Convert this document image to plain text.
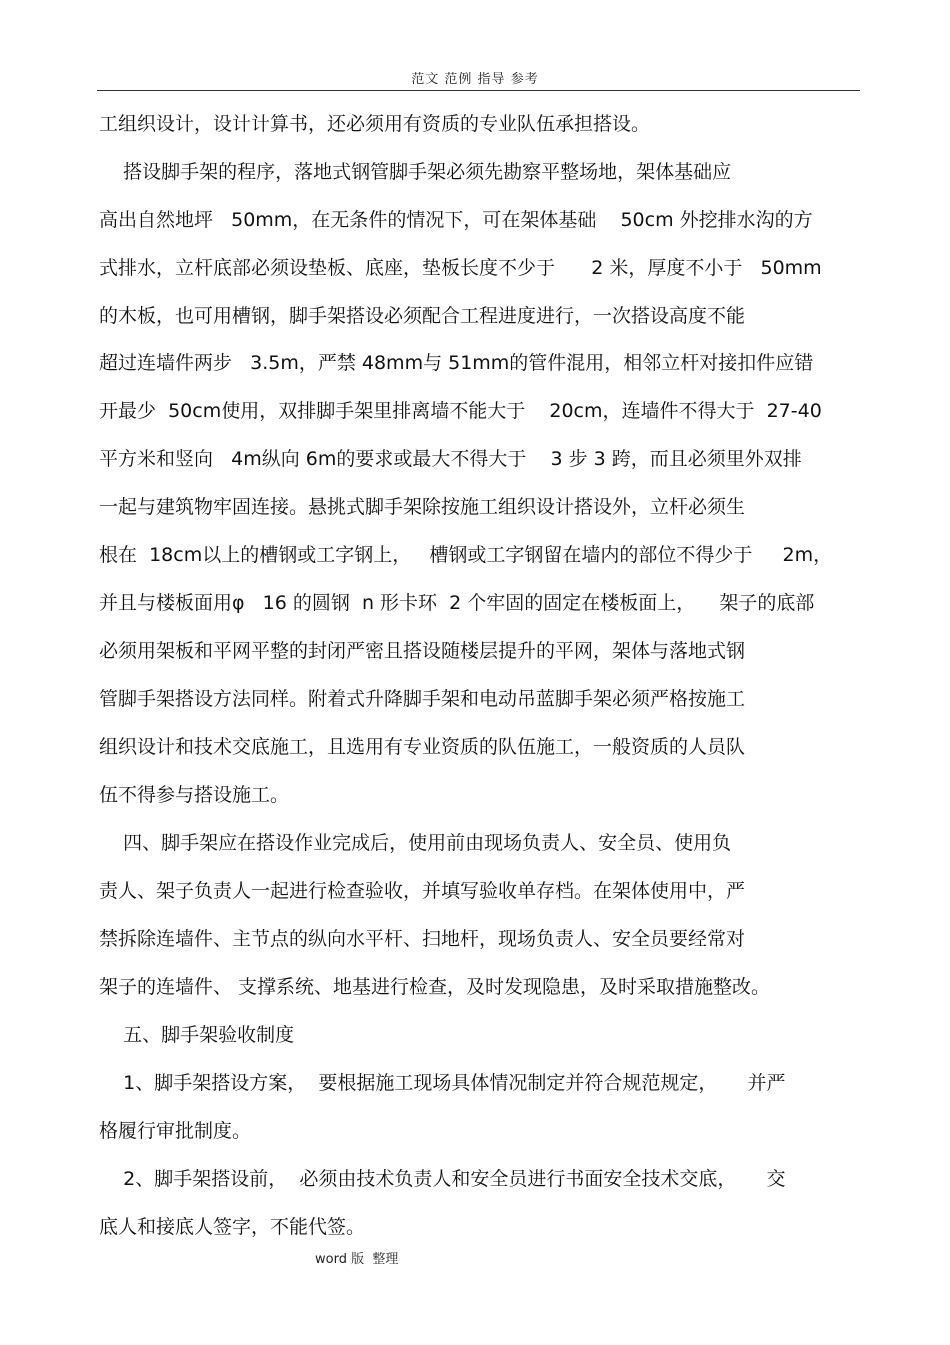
范文 范例 指导 参考
工组织设计，设计计算书，还必须用有资质的专业队伍承担搭设。
搭设脚手架的程序，落地式钢管脚手架必须先勘察平整场地，架体基础应
高出自然地坪   50mm，在无条件的情况下，可在架体基础    50cm 外挖排水沟的方
式排水，立杆底部必须设垫板、底座，垫板长度不少于      2 米，厚度不小于   50mm
的木板，也可用槽钢，脚手架搭设必须配合工程进度进行，一次搭设高度不能
超过连墙件两步   3.5m，严禁 48mm与 51mm的管件混用，相邻立杆对接扣件应错
开最少  50cm使用，双排脚手架里排离墙不能大于    20cm，连墙件不得大于  27-40
平方米和竖向   4m纵向 6m的要求或最大不得大于    3 步 3 跨，而且必须里外双排
一起与建筑物牢固连接。悬挑式脚手架除按施工组织设计搭设外，立杆必须生
根在  18cm以上的槽钢或工字钢上，   槽钢或工字钢留在墙内的部位不得少于     2m，
并且与楼板面用φ   16 的圆钢  n 形卡环  2 个牢固的固定在楼板面上，    架子的底部
必须用架板和平网平整的封闭严密且搭设随楼层提升的平网，架体与落地式钢
管脚手架搭设方法同样。附着式升降脚手架和电动吊蓝脚手架必须严格按施工
组织设计和技术交底施工，且选用有专业资质的队伍施工，一般资质的人员队
伍不得参与搭设施工。
四、脚手架应在搭设作业完成后，使用前由现场负责人、安全员、使用负
责人、架子负责人一起进行检查验收，并填写验收单存档。在架体使用中，严
禁拆除连墙件、主节点的纵向水平杆、扫地杆，现场负责人、安全员要经常对
架子的连墙件、 支撑系统、地基进行检查，及时发现隐患，及时采取措施整改。
五、脚手架验收制度
1、脚手架搭设方案，  要根据施工现场具体情况制定并符合规范规定，     并严
格履行审批制度。
2、脚手架搭设前，  必须由技术负责人和安全员进行书面安全技术交底，     交
底人和接底人签字，不能代签。
word 版  整理
